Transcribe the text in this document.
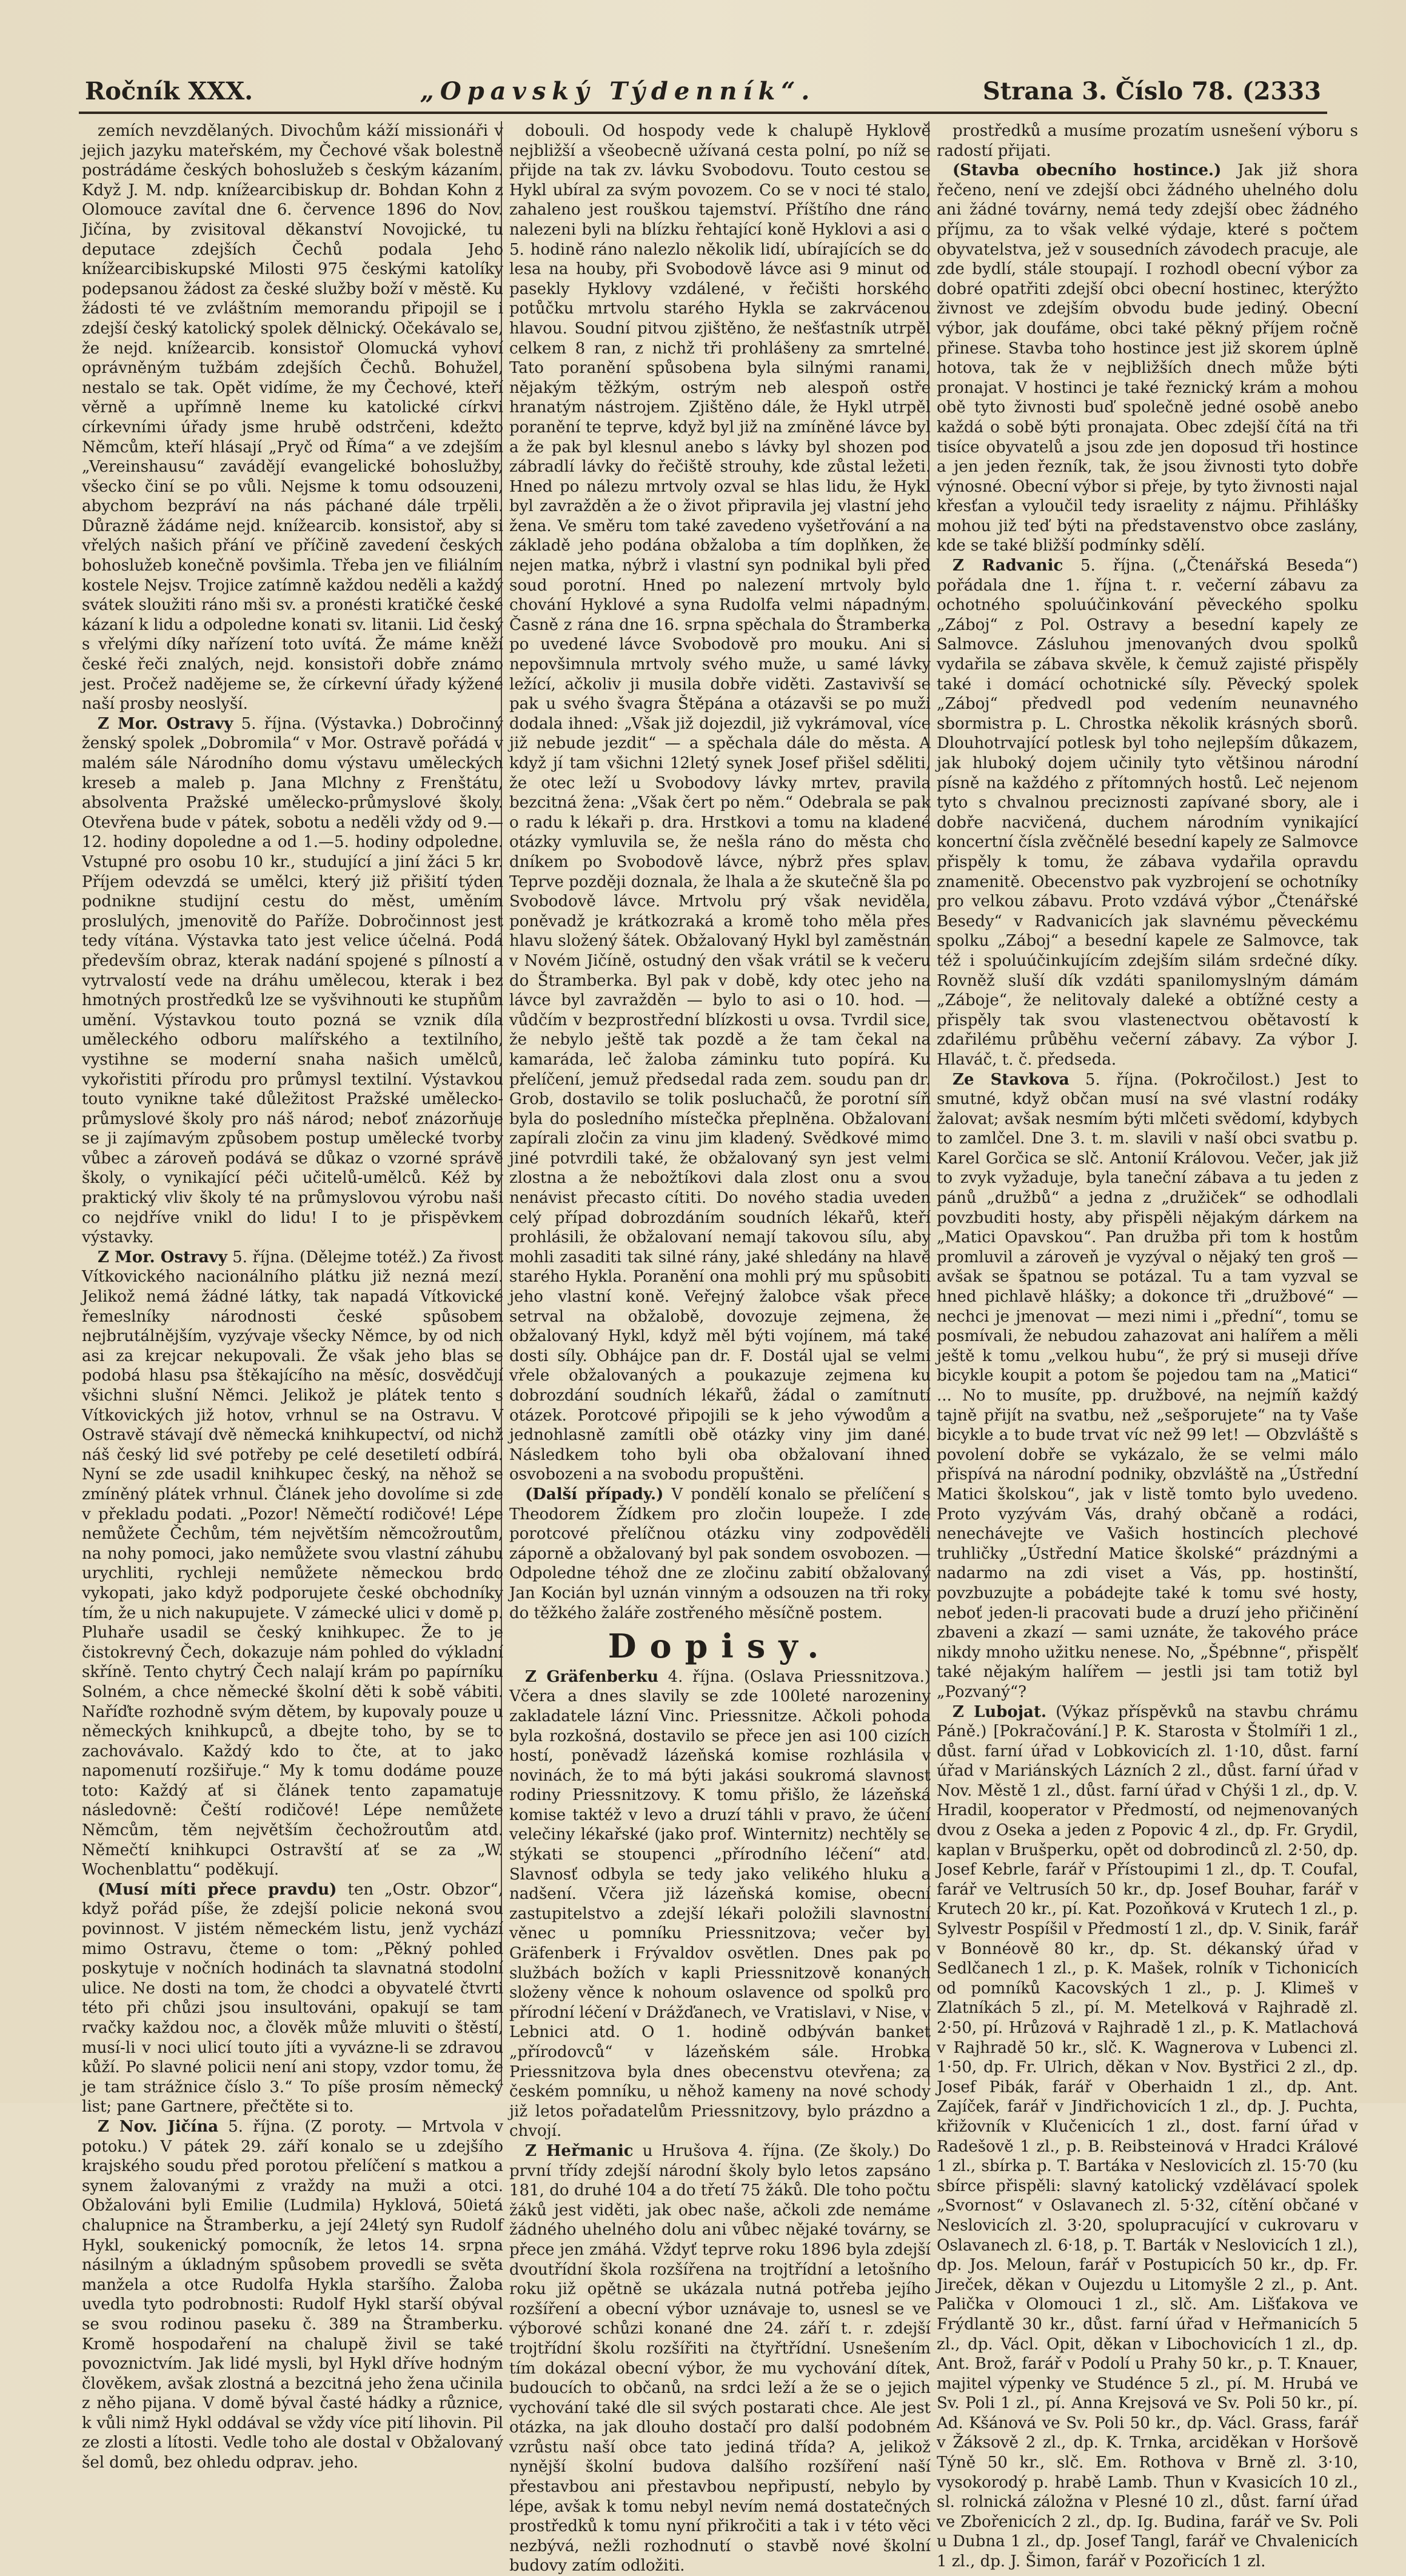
Ročník XXX.	„Opavský Týdenník“.	Strana 3. Číslo 78. (2333

zemích nevzdělaných. Divochům káží missionáři v jejich jazyku mateřském, my Čechové však bolestně postrádáme českých bohoslužeb s českým kázaním. Když J. M. ndp. knížearcibiskup dr. Bohdan Kohn z Olomouce zavítal dne 6. července 1896 do Nov. Jičína, by zvisitoval děkanství Novojické, tu deputace zdejších Čechů podala Jeho knížearcibiskupské Milosti 975 českými katolíky podepsanou žádost za české služby boží v městě. Ku žádosti té ve zvláštním memorandu připojil se i zdejší český katolický spolek dělnický. Očekávalo se, že nejd. knížearcib. konsistoř Olomucká vyhoví oprávněným tužbám zdejších Čechů. Bohužel, nestalo se tak. Opět vidíme, že my Čechové, kteří věrně a upřímně lneme ku katolické církvi církevními úřady jsme hrubě odstrčeni, kdežto Němcům, kteří hlásají „Pryč od Říma“ a ve zdejším „Vereinshausu“ zavádějí evangelické bohoslužby, všecko činí se po vůli. Nejsme k tomu odsouzeni, abychom bezpráví na nás páchané dále trpěli. Důrazně žádáme nejd. knížearcib. konsistoř, aby si vřelých našich přání ve příčině zavedení českých bohoslužeb konečně povšimla. Třeba jen ve filiálním kostele Nejsv. Trojice zatímně každou neděli a každý svátek sloužiti ráno mši sv. a pronésti kratičké české kázaní k lidu a odpoledne konati sv. litanii. Lid český s vřelými díky nařízení toto uvítá. Že máme kněží české řeči znalých, nejd. konsistoři dobře známo jest. Pročež nadějeme se, že církevní úřady kýžené naší prosby neoslyší.

Z Mor. Ostravy 5. října. (Výstavka.) Dobročinný ženský spolek „Dobromila“ v Mor. Ostravě pořádá v malém sále Národního domu výstavu uměleckých kreseb a maleb p. Jana Mlchny z Frenštátu, absolventa Pražské umělecko-průmyslové školy. Otevřena bude v pátek, sobotu a neděli vždy od 9.—12. hodiny dopoledne a od 1.—5. hodiny odpoledne. Vstupné pro osobu 10 kr., studující a jiní žáci 5 kr. Příjem odevzdá se umělci, který již přišití týden podnikne studijní cestu do měst, uměním proslulých, jmenovitě do Paříže. Dobročinnost jest tedy vítána. Výstavka tato jest velice účelná. Podá především obraz, kterak nadání spojené s pílností a vytrvalostí vede na dráhu umělecou, kterak i bez hmotných prostředků lze se vyšvihnouti ke stupňům umění. Výstavkou touto pozná se vznik díla uměleckého odboru malířského a textilního, vystihne se moderní snaha našich umělců, vykořistiti přírodu pro průmysl textilní. Výstavkou touto vynikne také důležitost Pražské umělecko-průmyslové školy pro náš národ; neboť znázorňuje se ji zajímavým způsobem postup umělecké tvorby vůbec a zároveň podává se důkaz o vzorné správě školy, o vynikající péči učitelů-umělců. Kéž by praktický vliv školy té na průmyslovou výrobu naši co nejdříve vnikl do lidu! I to je přispěvkem výstavky.

Z Mor. Ostravy 5. října. (Dělejme totéž.) Za řivost Vítkovického nacionálního plátku již nezná mezí. Jelikož nemá žádné látky, tak napadá Vítkovické řemeslníky národnosti české spůsobem nejbrutálnějším, vyzývaje všecky Němce, by od nich asi za krejcar nekupovali. Že však jeho blas se podobá hlasu psa štěkajícího na měsíc, dosvědčují všichni slušní Němci. Jelikož je plátek tento s Vítkovických již hotov, vrhnul se na Ostravu. V Ostravě stávají dvě německá knihkupectví, od nichž náš český lid své potřeby pe celé desetiletí odbírá. Nyní se zde usadil knihkupec český, na něhož se zmíněný plátek vrhnul. Článek jeho dovolíme si zde v překladu podati. „Pozor! Němečtí rodičové! Lépe nemůžete Čechům, tém největším němcožroutům, na nohy pomoci, jako nemůžete svou vlastní záhubu urychliti, rychleji nemůžete německou brdo vykopati, jako když podporujete české obchodníky tím, že u nich nakupujete. V zámecké ulici v domě p. Pluhaře usadil se český knihkupec. Že to je čistokrevný Čech, dokazuje nám pohled do výkladní skříně. Tento chytrý Čech nalají krám po papírníku Solném, a chce německé školní děti k sobě vábiti. Naříďte rozhodně svým dětem, by kupovaly pouze u německých knihkupců, a dbejte toho, by se to zachovávalo. Každý kdo to čte, at to jako napomenutí rozšiřuje.“ My k tomu dodáme pouze toto: Každý ať si článek tento zapamatuje následovně: Čeští rodičové! Lépe nemůžete Němcům, těm největším čechožroutům atd. Němečtí knihkupci Ostravští ať se za „W. Wochenblattu“ poděkují.

(Musí míti přece pravdu) ten „Ostr. Obzor“, když pořád píše, že zdejší policie nekoná svou povinnost. V jistém německém listu, jenž vychází mimo Ostravu, čteme o tom: „Pěkný pohled poskytuje v nočních hodinách ta slavnatná stodolní ulice. Ne dosti na tom, že chodci a obyvatelé čtvrti této při chůzi jsou insultováni, opakují se tam rvačky každou noc, a člověk může mluviti o štěstí, musí-li v noci ulicí touto jíti a vyvázne-li se zdravou kůží. Po slavné policii není ani stopy, vzdor tomu, že je tam strážnice číslo 3.“ To píše prosím německý list; pane Gartnere, přečtěte si to.

Z Nov. Jičína 5. října. (Z poroty. — Mrtvola v potoku.) V pátek 29. září konalo se u zdejšího krajského soudu před porotou přelíčení s matkou a synem žalovanými z vraždy na muži a otci. Obžalováni byli Emilie (Ludmila) Hyklová, 50ietá chalupnice na Štramberku, a její 24letý syn Rudolf Hykl, soukenický pomocník, že letos 14. srpna násilným a úkladným spůsobem provedli se světa manžela a otce Rudolfa Hykla staršího. Žaloba uvedla tyto podrobnosti: Rudolf Hykl starší obýval se svou rodinou paseku č. 389 na Štramberku. Kromě hospodaření na chalupě živil se také povoznictvím. Jak lidé mysli, byl Hykl dříve hodným člověkem, avšak zlostná a bezcitná jeho žena učinila z něho pijana. V domě býval časté hádky a různice, k vůli nimž Hykl oddával se vždy více pití lihovin. Pil ze zlosti a lítosti. Vedle toho ale dostal v Obžalovaný šel domů, bez ohledu odprav. jeho.

dobouli. Od hospody vede k chalupě Hyklově nejbližší a všeobecně užívaná cesta polní, po níž se přijde na tak zv. lávku Svobodovu. Touto cestou se Hykl ubíral za svým povozem. Co se v noci té stalo, zahaleno jest rouškou tajemství. Příštího dne ráno nalezeni byli na blízku řehtající koně Hyklovi a asi o 5. hodině ráno nalezlo několik lidí, ubírajících se do lesa na houby, při Svobodově lávce asi 9 minut od pasekly Hyklovy vzdálené, v řečišti horského potůčku mrtvolu starého Hykla se zakrvácenou hlavou. Soudní pitvou zjištěno, že nešťastník utrpěl celkem 8 ran, z nichž tři prohlášeny za smrtelné. Tato poranění spůsobena byla silnými ranami, nějakým těžkým, ostrým neb alespoň ostře hranatým nástrojem. Zjištěno dále, že Hykl utrpěl poranění te teprve, když byl již na zmíněné lávce byl a že pak byl klesnul anebo s lávky byl shozen pod zábradlí lávky do řečiště strouhy, kde zůstal ležeti. Hned po nálezu mrtvoly ozval se hlas lidu, že Hykl byl zavražděn a že o život připravila jej vlastní jeho žena. Ve směru tom také zavedeno vyšetřování a na základě jeho podána obžaloba a tím doplňken, že nejen matka, nýbrž i vlastní syn podnikal byli před soud porotní. Hned po nalezení mrtvoly bylo chování Hyklové a syna Rudolfa velmi nápadným. Časně z rána dne 16. srpna spěchala do Štramberka po uvedené lávce Svobodově pro mouku. Ani si nepovšimnula mrtvoly svého muže, u samé lávky ležící, ačkoliv ji musila dobře viděti. Zastavivší se pak u svého švagra Štěpána a otázavši se po muži dodala ihned: „Však již dojezdil, již vykrámoval, více již nebude jezdit“ — a spěchala dále do města. A když jí tam všichni 12letý synek Josef přišel sděliti, že otec leží u Svobodovy lávky mrtev, pravila bezcitná žena: „Však čert po něm.“ Odebrala se pak o radu k lékaři p. dra. Hrstkovi a tomu na kladené otázky vymluvila se, že nešla ráno do města cho dníkem po Svobodově lávce, nýbrž přes splav. Teprve později doznala, že lhala a že skutečně šla po Svobodově lávce. Mrtvolu prý však neviděla, poněvadž je krátkozraká a kromě toho měla přes hlavu složený šátek. Obžalovaný Hykl byl zaměstnán v Novém Jičíně, ostudný den však vrátil se k večeru do Štramberka. Byl pak v době, kdy otec jeho na lávce byl zavražděn — bylo to asi o 10. hod. — vůdčím v bezprostřední blízkosti u ovsa. Tvrdil sice, že nebylo ještě tak pozdě a že tam čekal na kamaráda, leč žaloba záminku tuto popírá. Ku přelíčení, jemuž předsedal rada zem. soudu pan dr. Grob, dostavilo se tolik posluchačů, že porotní síň byla do posledního místečka přeplněna. Obžalovaní zapírali zločin za vinu jim kladený. Svědkové mimo jiné potvrdili také, že obžalovaný syn jest velmi zlostna a že nebožtíkovi dala zlost onu a svou nenávist přecasto cítiti. Do nového stadia uveden celý případ dobrozdáním soudních lékařů, kteří prohlásili, že obžalovaní nemají takovou sílu, aby mohli zasaditi tak silné rány, jaké shledány na hlavě starého Hykla. Poranění ona mohli prý mu spůsobiti jeho vlastní koně. Veřejný žalobce však přece setrval na obžalobě, dovozuje zejmena, že obžalovaný Hykl, když měl býti vojínem, má také dosti síly. Obhájce pan dr. F. Dostál ujal se velmi vřele obžalovaných a poukazuje zejmena ku dobrozdání soudních lékařů, žádal o zamítnutí otázek. Porotcové připojili se k jeho výwodům a jednohlasně zamítli obě otázky viny jim dané. Následkem toho byli oba obžalovaní ihned osvobozeni a na svobodu propuštěni.

(Další případy.) V pondělí konalo se přelíčení s Theodorem Žídkem pro zločin loupeže. I zde porotcové přelíčnou otázku viny zodpověděli záporně a obžalovaný byl pak sondem osvobozen. — Odpoledne téhož dne ze zločinu zabití obžalovaný Jan Kocián byl uznán vinným a odsouzen na tři roky do těžkého žaláře zostřeného měsíčně postem.

Dopisy.

Z Gräfenberku 4. října. (Oslava Priessnitzova.) Včera a dnes slavily se zde 100leté narozeniny zakladatele lázní Vinc. Priessnitze. Ačkoli pohoda byla rozkošná, dostavilo se přece jen asi 100 cizích hostí, poněvadž lázeňská komise rozhlásila v novinách, že to má býti jakási soukromá slavnost rodiny Priessnitzovy. K tomu přišlo, že lázeňská komise taktéž v levo a druzí táhli v pravo, že účení velečiny lékařské (jako prof. Winternitz) nechtěly se stýkati se stoupenci „přírodního léčení“ atd. Slavnosť odbyla se tedy jako velikého hluku a nadšení. Včera již lázeňská komise, obecní zastupitelstvo a zdejší lékaři položili slavnostní věnec u pomníku Priessnitzova; večer byl Gräfenberk i Frývaldov osvětlen. Dnes pak po službách božích v kapli Priessnitzově konaných složeny věnce k nohoum oslavence od spolků pro přírodní léčení v Drážďanech, ve Vratislavi, v Nise, v Lebnici atd. O 1. hodině odbýván banket „přírodovců“ v lázeňském sále. Hrobka Priessnitzova byla dnes obecenstvu otevřena; za českém pomníku, u něhož kameny na nové schody již letos pořadatelům Priessnitzovy, bylo prázdno a chvojí.

Z Heřmanic u Hrušova 4. října. (Ze školy.) Do první třídy zdejší národní školy bylo letos zapsáno 181, do druhé 104 a do třetí 75 žáků. Dle toho počtu žáků jest viděti, jak obec naše, ačkoli zde nemáme žádného uhelného dolu ani vůbec nějaké továrny, se přece jen zmáhá. Vždyť teprve roku 1896 byla zdejší dvoutřídní škola rozšířena na trojtřídní a letošního roku již opětně se ukázala nutná potřeba jejího rozšíření a obecní výbor uznávaje to, usnesl se ve výborové schůzi konané dne 24. září t. r. zdejší trojtřídní školu rozšířiti na čtyřtřídní. Usnešením tím dokázal obecní výbor, že mu vychování dítek, budoucích to občanů, na srdci leží a že se o jejich vychování také dle sil svých postarati chce. Ale jest otázka, na jak dlouho dostačí pro další podobném vzrůstu naší obce tato jediná třída? A, jelikož nynější školní budova dalšího rozšíření naší přestavbou ani přestavbou nepřipustí, nebylo by lépe, avšak k tomu nebyl nevím nemá dostatečných prostředků k tomu nyní přikročiti a tak i v této věci nezbývá, nežli rozhodnutí o stavbě nové školní budovy zatím odložiti.

prostředků a musíme prozatím usnešení výboru s radostí přijati.

(Stavba obecního hostince.) Jak již shora řečeno, není ve zdejší obci žádného uhelného dolu ani žádné továrny, nemá tedy zdejší obec žádného příjmu, za to však velké výdaje, které s počtem obyvatelstva, jež v sousedních závodech pracuje, ale zde bydlí, stále stoupají. I rozhodl obecní výbor za dobré opatřiti zdejší obci obecní hostinec, kterýžto živnost ve zdejším obvodu bude jediný. Obecní výbor, jak doufáme, obci také pěkný příjem ročně přinese. Stavba toho hostince jest již skorem úplně hotova, tak že v nejbližších dnech může býti pronajat. V hostinci je také řeznický krám a mohou obě tyto živnosti buď společně jedné osobě anebo každá o sobě býti pronajata. Obec zdejší čítá na tři tisíce obyvatelů a jsou zde jen doposud tři hostince a jen jeden řezník, tak, že jsou živnosti tyto dobře výnosné. Obecní výbor si přeje, by tyto živnosti najal křesťan a vyloučil tedy israelity z nájmu. Přihlášky mohou již teď býti na představenstvo obce zaslány, kde se také bližší podmínky sdělí.

Z Radvanic 5. října. („Čtenářská Beseda“) pořádala dne 1. října t. r. večerní zábavu za ochotného spoluúčinkování pěveckého spolku „Záboj“ z Pol. Ostravy a besední kapely ze Salmovce. Zásluhou jmenovaných dvou spolků vydařila se zábava skvěle, k čemuž zajisté přispěly také i domácí ochotnické síly. Pěvecký spolek „Záboj“ předvedl pod vedením neunavného sbormistra p. L. Chrostka několik krásných sborů. Dlouhotrvající potlesk byl toho nejlepším důkazem, jak hluboký dojem učinily tyto většinou národní písně na každého z přítomných hostů. Leč nejenom tyto s chvalnou preciznosti zapívané sbory, ale i dobře nacvičená, duchem národním vynikající koncertní čísla zvěčnělé besední kapely ze Salmovce přispěly k tomu, že zábava vydařila opravdu znamenitě. Obecenstvo pak vyzbrojení se ochotníky pro velkou zábavu. Proto vzdává výbor „Čtenářské Besedy“ v Radvanicích jak slavnému pěveckému spolku „Záboj“ a besední kapele ze Salmovce, tak též i spoluúčinkujícím zdejším silám srdečné díky. Rovněž sluší dík vzdáti spanilomyslným dámám „Záboje“, že nelitovaly daleké a obtížné cesty a přispěly tak svou vlastenectvou obětavostí k zdařilému průběhu večerní zábavy. Za výbor J. Hlaváč, t. č. předseda.

Ze Stavkova 5. října. (Pokročilost.) Jest to smutné, když občan musí na své vlastní rodáky žalovat; avšak nesmím býti mlčeti svědomí, kdybych to zamlčel. Dne 3. t. m. slavili v naší obci svatbu p. Karel Gorčica se slč. Antonií Královou. Večer, jak již to zvyk vyžaduje, byla taneční zábava a tu jeden z pánů „družbů“ a jedna z „družiček“ se odhodlali povzbuditi hosty, aby přispěli nějakým dárkem na „Matici Opavskou“. Pan družba při tom k hostům promluvil a zároveň je vyzýval o nějaký ten groš — avšak se špatnou se potázal. Tu a tam vyzval se hned pichlavě hlášky; a dokonce tři „družbové“ — nechci je jmenovat — mezi nimi i „přední“, tomu se posmívali, že nebudou zahazovat ani halířem a měli ještě k tomu „velkou hubu“, že prý si museji dříve bicykle koupit a potom še pojedou tam na „Matici“ ... No to musíte, pp. družbové, na nejmíň každý tajně přijít na svatbu, než „sešporujete“ na ty Vaše bicykle a to bude trvat víc než 99 let! — Obzvláště s povolení dobře se vykázalo, že se velmi málo přispívá na národní podniky, obzvláště na „Ústřední Matici školskou“, jak v listě tomto bylo uvedeno. Proto vyzývám Vás, drahý občaně a rodáci, nenechávejte ve Vašich hostincích plechové truhličky „Ústřední Matice školské“ prázdnými a nadarmo na zdi viset a Vás, pp. hostinští, povzbuzujte a pobádejte také k tomu své hosty, neboť jeden-li pracovati bude a druzí jeho přičinění zbaveni a zkazí — sami uznáte, že takového práce nikdy mnoho užitku nenese. No, „Špébnne“, přispělť také nějakým halířem — jestli jsi tam totiž byl „Pozvaný“?

Z Lubojat. (Výkaz příspěvků na stavbu chrámu Páně.) [Pokračování.] P. K. Starosta v Štolmíři 1 zl., důst. farní úřad v Lobkovicích zl. 1·10, důst. farní úřad v Mariánských Lázních 2 zl., důst. farní úřad v Nov. Městě 1 zl., důst. farní úřad v Chýši 1 zl., dp. V. Hradil, kooperator v Předmostí, od nejmenovaných dvou z Oseka a jeden z Popovic 4 zl., dp. Fr. Grydil, kaplan v Brušperku, opět od dobrodinců zl. 2·50, dp. Josef Kebrle, farář v Přístoupimi 1 zl., dp. T. Coufal, farář ve Veltrusích 50 kr., dp. Josef Bouhar, farář v Krutech 20 kr., pí. Kat. Pozoňková v Krutech 1 zl., p. Sylvestr Pospíšil v Předmostí 1 zl., dp. V. Sinik, farář v Bonnéově 80 kr., dp. St. dékanský úřad v Sedlčanech 1 zl., p. K. Mašek, rolník v Tichonicích od pomníků Kacovských 1 zl., p. J. Klimeš v Zlatníkách 5 zl., pí. M. Metelková v Rajhradě zl. 2·50, pí. Hrůzová v Rajhradě 1 zl., p. K. Matlachová v Rajhradě 50 kr., slč. K. Wagnerova v Lubenci zl. 1·50, dp. Fr. Ulrich, děkan v Nov. Bystřici 2 zl., dp. Josef Pibák, farář v Oberhaidn 1 zl., dp. Ant. Zajíček, farář v Jindřichovicích 1 zl., dp. J. Puchta, křižovník v Klučenicích 1 zl., dost. farní úřad v Radešově 1 zl., p. B. Reibsteinová v Hradci Králové 1 zl., sbírka p. T. Bartáka v Neslovicích zl. 15·70 (ku sbírce přispěli: slavný katolický vzdělávací spolek „Svornost“ v Oslavanech zl. 5·32, cítění občané v Neslovicích zl. 3·20, spolupracující v cukrovaru v Oslavanech zl. 6·18, p. T. Barták v Neslovicích 1 zl.), dp. Jos. Meloun, farář v Postupicích 50 kr., dp. Fr. Jireček, děkan v Oujezdu u Litomyšle 2 zl., p. Ant. Palička v Olomouci 1 zl., slč. Am. Lišťakova ve Frýdlantě 30 kr., důst. farní úřad v Heřmanicích 5 zl., dp. Václ. Opit, děkan v Libochovicích 1 zl., dp. Ant. Brož, farář v Podolí u Prahy 50 kr., p. T. Knauer, majitel výpenky ve Studénce 5 zl., pí. M. Hrubá ve Sv. Poli 1 zl., pí. Anna Krejsová ve Sv. Poli 50 kr., pí. Ad. Kšánová ve Sv. Poli 50 kr., dp. Václ. Grass, farář v Žáksově 2 zl., dp. K. Trnka, arciděkan v Horšově Týně 50 kr., slč. Em. Rothova v Brně zl. 3·10, vysokorodý p. hrabě Lamb. Thun v Kvasicích 10 zl., sl. rolnická záložna v Plesné 10 zl., důst. farní úřad ve Zbořenicích 2 zl., dp. Ig. Budina, farář ve Sv. Poli u Dubna 1 zl., dp. Josef Tangl, farář ve Chvalenicích 1 zl., dp. J. Šimon, farář v Pozořicích 1 zl.
